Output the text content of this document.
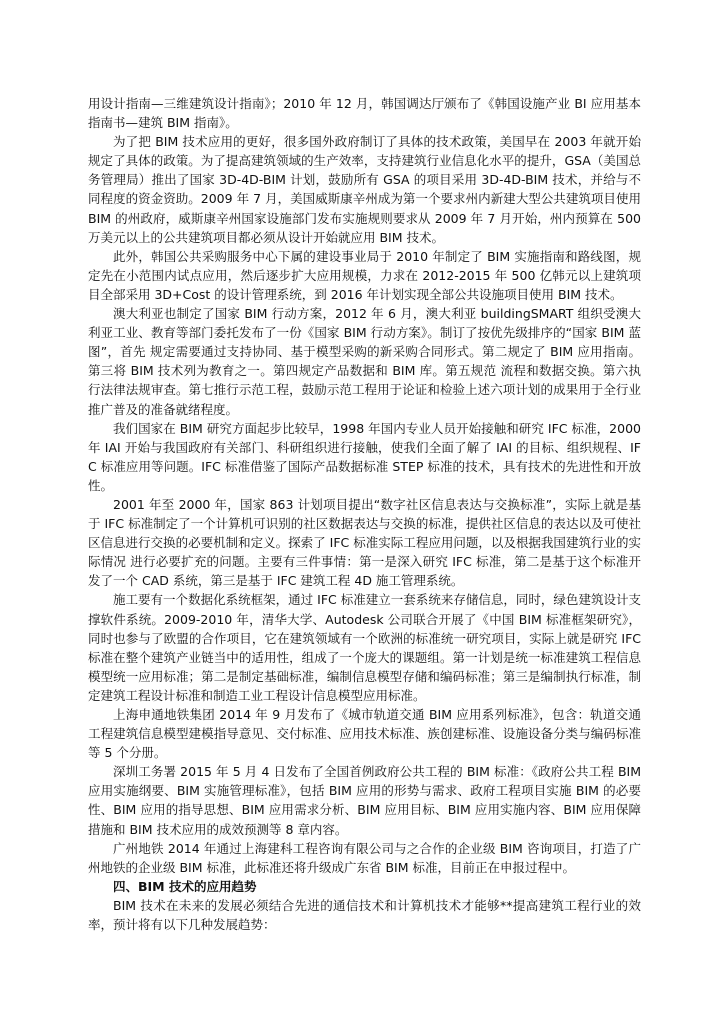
用设计指南—三维建筑设计指南》；2010 年 12 月，韩国调达厅颁布了《韩国设施产业 BI 应用基本指南书—建筑 BIM 指南》。

为了把 BIM 技术应用的更好，很多国外政府制订了具体的技术政策，美国早在 2003 年就开始规定了具体的政策。为了提高建筑领域的生产效率，支持建筑行业信息化水平的提升，GSA（美国总务管理局）推出了国家 3D-4D-BIM 计划，鼓励所有 GSA 的项目采用 3D-4D-BIM 技术，并给与不同程度的资金资助。2009 年 7 月，美国威斯康辛州成为第一个要求州内新建大型公共建筑项目使用 BIM 的州政府，威斯康辛州国家设施部门发布实施规则要求从 2009 年 7 月开始，州内预算在 500 万美元以上的公共建筑项目都必须从设计开始就应用 BIM 技术。

此外，韩国公共采购服务中心下属的建设事业局于 2010 年制定了 BIM 实施指南和路线图，规定先在小范围内试点应用，然后逐步扩大应用规模，力求在 2012-2015 年 500 亿韩元以上建筑项目全部采用 3D+Cost 的设计管理系统，到 2016 年计划实现全部公共设施项目使用 BIM 技术。

澳大利亚也制定了国家 BIM 行动方案，2012 年 6 月，澳大利亚 buildingSMART 组织受澳大利亚工业、教育等部门委托发布了一份《国家 BIM 行动方案》。制订了按优先级排序的“国家 BIM 蓝图”，首先 规定需要通过支持协同、基于模型采购的新采购合同形式。第二规定了 BIM 应用指南。第三将 BIM 技术列为教育之一。第四规定产品数据和 BIM 库。第五规范 流程和数据交换。第六执行法律法规审查。第七推行示范工程，鼓励示范工程用于论证和检验上述六项计划的成果用于全行业推广普及的准备就绪程度。

我们国家在 BIM 研究方面起步比较早，1998 年国内专业人员开始接触和研究 IFC 标准，2000 年 IAI 开始与我国政府有关部门、科研组织进行接触，使我们全面了解了 IAI 的目标、组织规程、IFC 标准应用等问题。IFC 标准借鉴了国际产品数据标准 STEP 标准的技术，具有技术的先进性和开放性。

2001 年至 2000 年，国家 863 计划项目提出“数字社区信息表达与交换标准”，实际上就是基于 IFC 标准制定了一个计算机可识别的社区数据表达与交换的标准，提供社区信息的表达以及可使社区信息进行交换的必要机制和定义。探索了 IFC 标准实际工程应用问题，以及根据我国建筑行业的实际情况 进行必要扩充的问题。主要有三件事情：第一是深入研究 IFC 标准，第二是基于这个标准开发了一个 CAD 系统，第三是基于 IFC 建筑工程 4D 施工管理系统。

施工要有一个数据化系统框架，通过 IFC 标准建立一套系统来存储信息，同时，绿色建筑设计支撑软件系统。2009-2010 年，清华大学、Autodesk 公司联合开展了《中国 BIM 标准框架研究》，同时也参与了欧盟的合作项目，它在建筑领域有一个欧洲的标准统一研究项目，实际上就是研究 IFC 标准在整个建筑产业链当中的适用性，组成了一个庞大的课题组。第一计划是统一标准建筑工程信息模型统一应用标准；第二是制定基础标准，编制信息模型存储和编码标准；第三是编制执行标准，制定建筑工程设计标准和制造工业工程设计信息模型应用标准。

上海申通地铁集团 2014 年 9 月发布了《城市轨道交通 BIM 应用系列标准》，包含：轨道交通工程建筑信息模型建模指导意见、交付标准、应用技术标准、族创建标准、设施设备分类与编码标准等 5 个分册。

深圳工务署 2015 年 5 月 4 日发布了全国首例政府公共工程的 BIM 标准：《政府公共工程 BIM 应用实施纲要、BIM 实施管理标准》，包括 BIM 应用的形势与需求、政府工程项目实施 BIM 的必要性、BIM 应用的指导思想、BIM 应用需求分析、BIM 应用目标、BIM 应用实施内容、BIM 应用保障措施和 BIM 技术应用的成效预测等 8 章内容。

广州地铁 2014 年通过上海建科工程咨询有限公司与之合作的企业级 BIM 咨询项目，打造了广州地铁的企业级 BIM 标准，此标准还将升级成广东省 BIM 标准，目前正在申报过程中。

四、BIM 技术的应用趋势

BIM 技术在未来的发展必须结合先进的通信技术和计算机技术才能够**提高建筑工程行业的效率，预计将有以下几种发展趋势：
